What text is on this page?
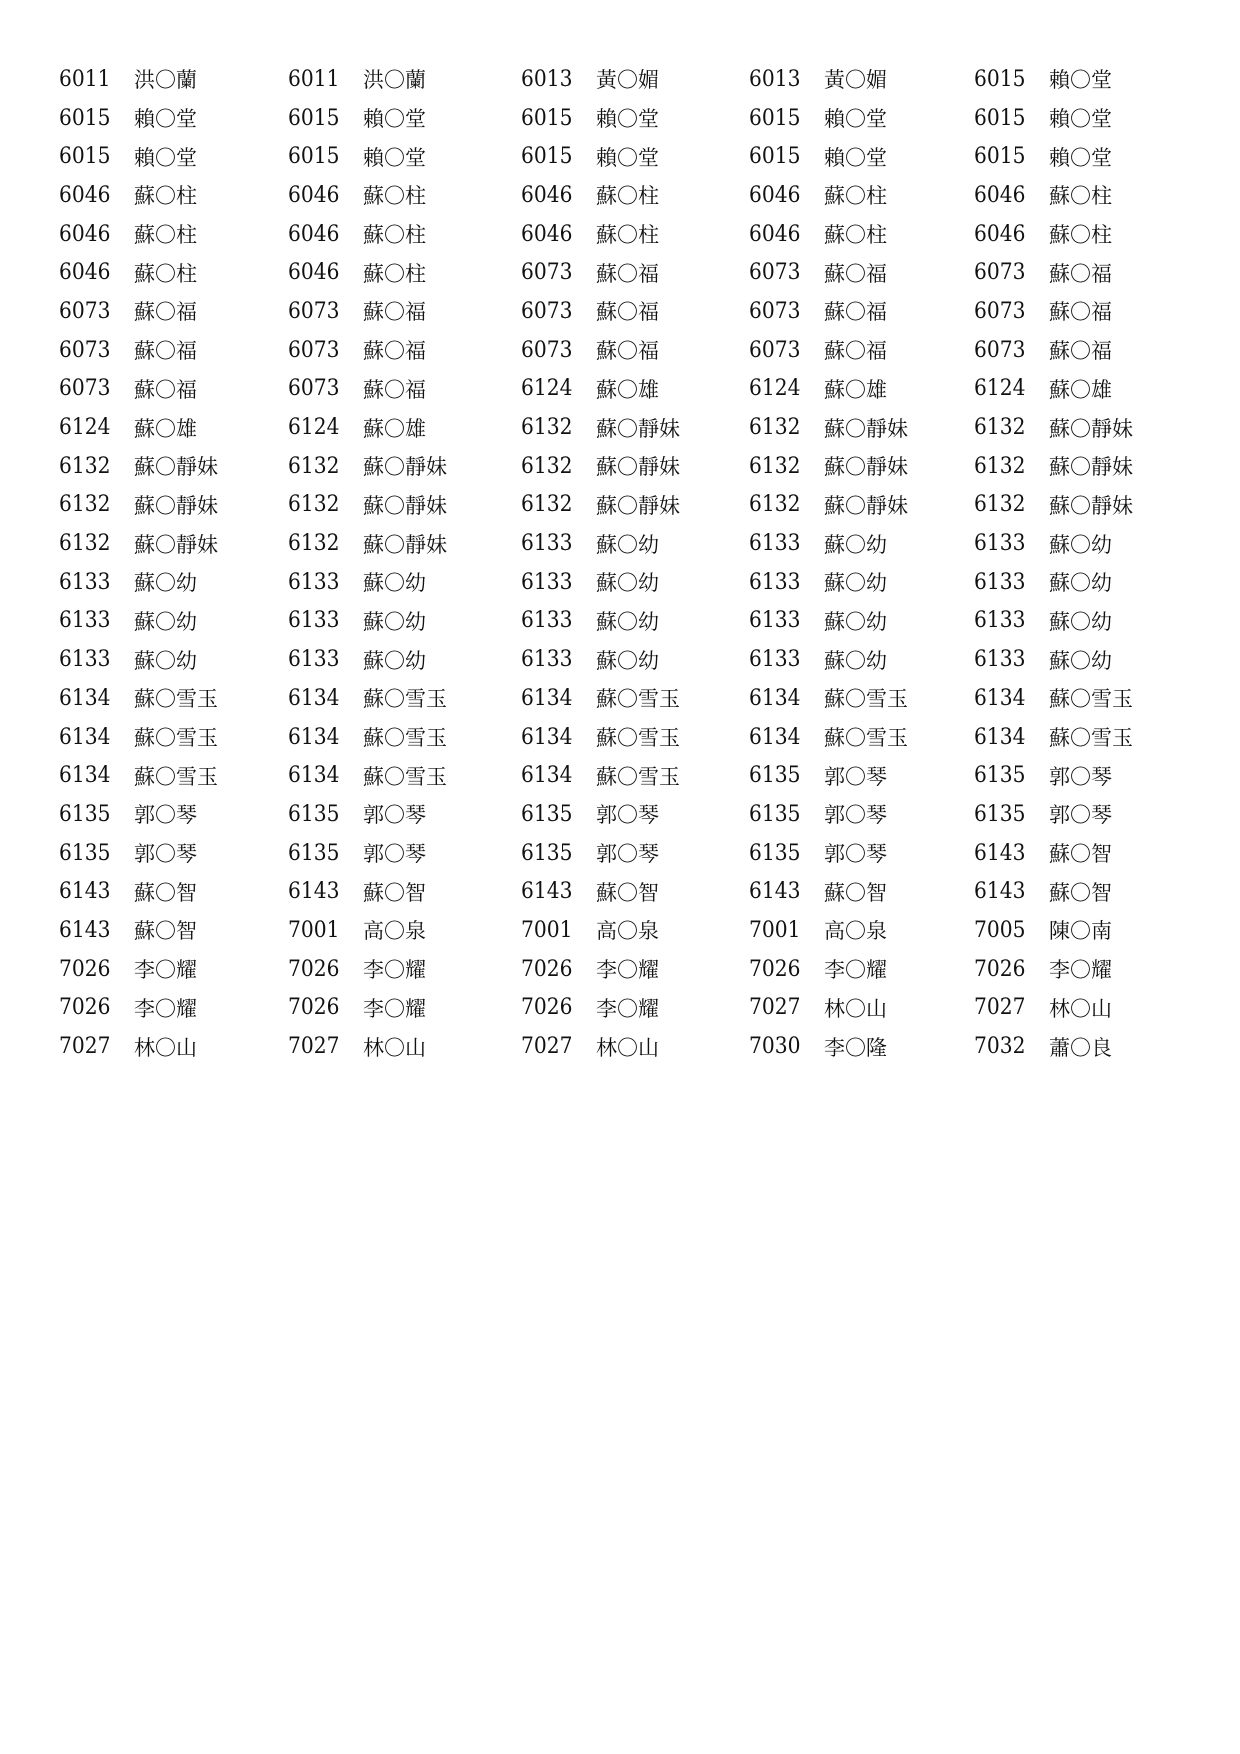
6011	洪〇蘭	6011	洪〇蘭	6013	黃〇媚	6013	黃〇媚	6015	賴〇堂
6015	賴〇堂	6015	賴〇堂	6015	賴〇堂	6015	賴〇堂	6015	賴〇堂
6015	賴〇堂	6015	賴〇堂	6015	賴〇堂	6015	賴〇堂	6015	賴〇堂
6046	蘇〇柱	6046	蘇〇柱	6046	蘇〇柱	6046	蘇〇柱	6046	蘇〇柱
6046	蘇〇柱	6046	蘇〇柱	6046	蘇〇柱	6046	蘇〇柱	6046	蘇〇柱
6046	蘇〇柱	6046	蘇〇柱	6073	蘇〇福	6073	蘇〇福	6073	蘇〇福
6073	蘇〇福	6073	蘇〇福	6073	蘇〇福	6073	蘇〇福	6073	蘇〇福
6073	蘇〇福	6073	蘇〇福	6073	蘇〇福	6073	蘇〇福	6073	蘇〇福
6073	蘇〇福	6073	蘇〇福	6124	蘇〇雄	6124	蘇〇雄	6124	蘇〇雄
6124	蘇〇雄	6124	蘇〇雄	6132	蘇〇靜妹	6132	蘇〇靜妹	6132	蘇〇靜妹
6132	蘇〇靜妹	6132	蘇〇靜妹	6132	蘇〇靜妹	6132	蘇〇靜妹	6132	蘇〇靜妹
6132	蘇〇靜妹	6132	蘇〇靜妹	6132	蘇〇靜妹	6132	蘇〇靜妹	6132	蘇〇靜妹
6132	蘇〇靜妹	6132	蘇〇靜妹	6133	蘇〇幼	6133	蘇〇幼	6133	蘇〇幼
6133	蘇〇幼	6133	蘇〇幼	6133	蘇〇幼	6133	蘇〇幼	6133	蘇〇幼
6133	蘇〇幼	6133	蘇〇幼	6133	蘇〇幼	6133	蘇〇幼	6133	蘇〇幼
6133	蘇〇幼	6133	蘇〇幼	6133	蘇〇幼	6133	蘇〇幼	6133	蘇〇幼
6134	蘇〇雪玉	6134	蘇〇雪玉	6134	蘇〇雪玉	6134	蘇〇雪玉	6134	蘇〇雪玉
6134	蘇〇雪玉	6134	蘇〇雪玉	6134	蘇〇雪玉	6134	蘇〇雪玉	6134	蘇〇雪玉
6134	蘇〇雪玉	6134	蘇〇雪玉	6134	蘇〇雪玉	6135	郭〇琴	6135	郭〇琴
6135	郭〇琴	6135	郭〇琴	6135	郭〇琴	6135	郭〇琴	6135	郭〇琴
6135	郭〇琴	6135	郭〇琴	6135	郭〇琴	6135	郭〇琴	6143	蘇〇智
6143	蘇〇智	6143	蘇〇智	6143	蘇〇智	6143	蘇〇智	6143	蘇〇智
6143	蘇〇智	7001	高〇泉	7001	高〇泉	7001	高〇泉	7005	陳〇南
7026	李〇耀	7026	李〇耀	7026	李〇耀	7026	李〇耀	7026	李〇耀
7026	李〇耀	7026	李〇耀	7026	李〇耀	7027	林〇山	7027	林〇山
7027	林〇山	7027	林〇山	7027	林〇山	7030	李〇隆	7032	蕭〇良
